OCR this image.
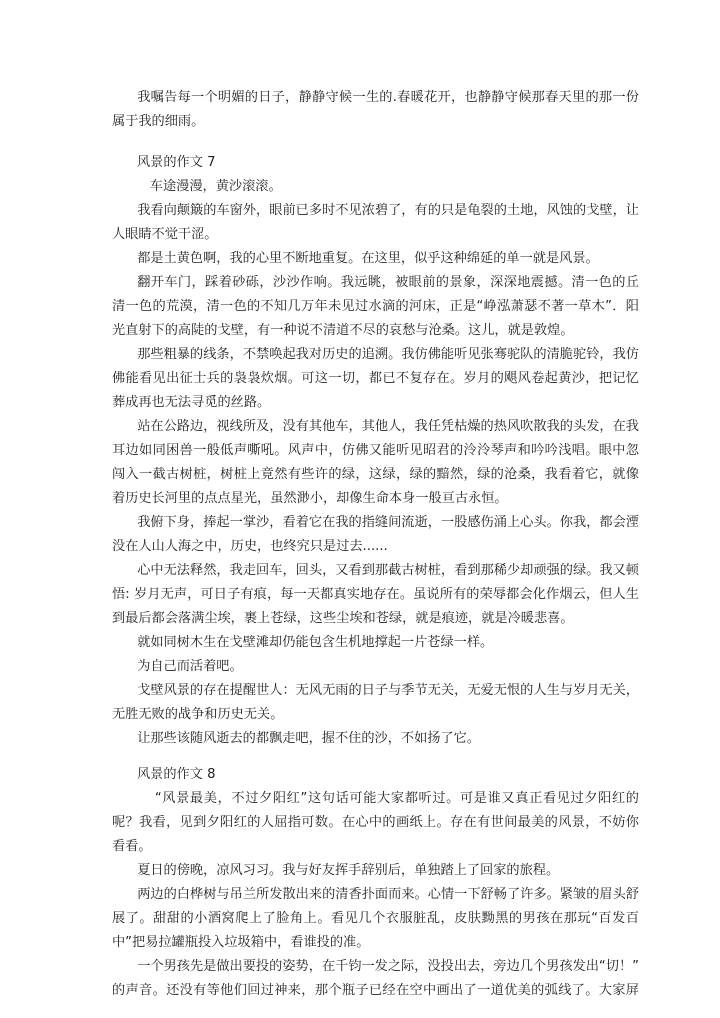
我嘱告每一个明媚的日子，静静守候一生的.春暖花开，也静静守候那春天里的那一份
属于我的细雨。
风景的作文 7
车途漫漫，黄沙滚滚。
我看向颠簸的车窗外，眼前已多时不见浓碧了，有的只是龟裂的土地，风蚀的戈壁，让
人眼睛不觉干涩。
都是土黄色啊，我的心里不断地重复。在这里，似乎这种绵延的单一就是风景。
翻开车门，踩着砂砾，沙沙作响。我远眺，被眼前的景象，深深地震撼。清一色的丘
清一色的荒漠，清一色的不知几万年未见过水滴的河床，正是“峥泓萧瑟不著一草木”．阳
光直射下的高陡的戈壁，有一种说不清道不尽的哀愁与沧桑。这儿，就是敦煌。
那些粗暴的线条，不禁唤起我对历史的追溯。我仿佛能听见张骞驼队的清脆驼铃，我仿
佛能看见出征士兵的袅袅炊烟。可这一切，都已不复存在。岁月的飓风卷起黄沙，把记忆
葬成再也无法寻觅的丝路。
站在公路边，视线所及，没有其他车，其他人，我任凭枯燥的热风吹散我的头发，在我
耳边如同困兽一般低声嘶吼。风声中，仿佛又能听见昭君的泠泠琴声和吟吟浅唱。眼中忽
闯入一截古树桩，树桩上竟然有些许的绿，这绿，绿的黯然，绿的沧桑，我看着它，就像
着历史长河里的点点星光，虽然渺小，却像生命本身一般亘古永恒。
我俯下身，捧起一掌沙，看着它在我的指缝间流逝，一股感伤涌上心头。你我，都会湮
没在人山人海之中，历史，也终究只是过去......
心中无法释然，我走回车，回头，又看到那截古树桩，看到那稀少却顽强的绿。我又顿
悟: 岁月无声，可日子有痕，每一天都真实地存在。虽说所有的荣辱都会化作烟云，但人生
到最后都会落满尘埃，裹上苍绿，这些尘埃和苍绿，就是痕迹，就是冷暖悲喜。
就如同树木生在戈壁滩却仍能包含生机地撑起一片苍绿一样。
为自己而活着吧。
戈壁风景的存在提醒世人：无风无雨的日子与季节无关，无爱无恨的人生与岁月无关，
无胜无败的战争和历史无关。
让那些该随风逝去的都飘走吧，握不住的沙，不如扬了它。
风景的作文 8
“风景最美，不过夕阳红”这句话可能大家都听过。可是谁又真正看见过夕阳红的
呢？我看，见到夕阳红的人屈指可数。在心中的画纸上。存在有世间最美的风景，不妨你
看看。
夏日的傍晚，凉风习习。我与好友挥手辞别后，单独踏上了回家的旅程。
两边的白桦树与吊兰所发散出来的清香扑面而来。心情一下舒畅了许多。紧皱的眉头舒
展了。甜甜的小酒窝爬上了脸角上。看见几个衣服脏乱，皮肤黝黑的男孩在那玩“百发百
中”把易拉罐瓶投入垃圾箱中，看谁投的准。
一个男孩先是做出要投的姿势，在千钧一发之际，没投出去，旁边几个男孩发出“切！”
的声音。还没有等他们回过神来，那个瓶子已经在空中画出了一道优美的弧线了。大家屏
